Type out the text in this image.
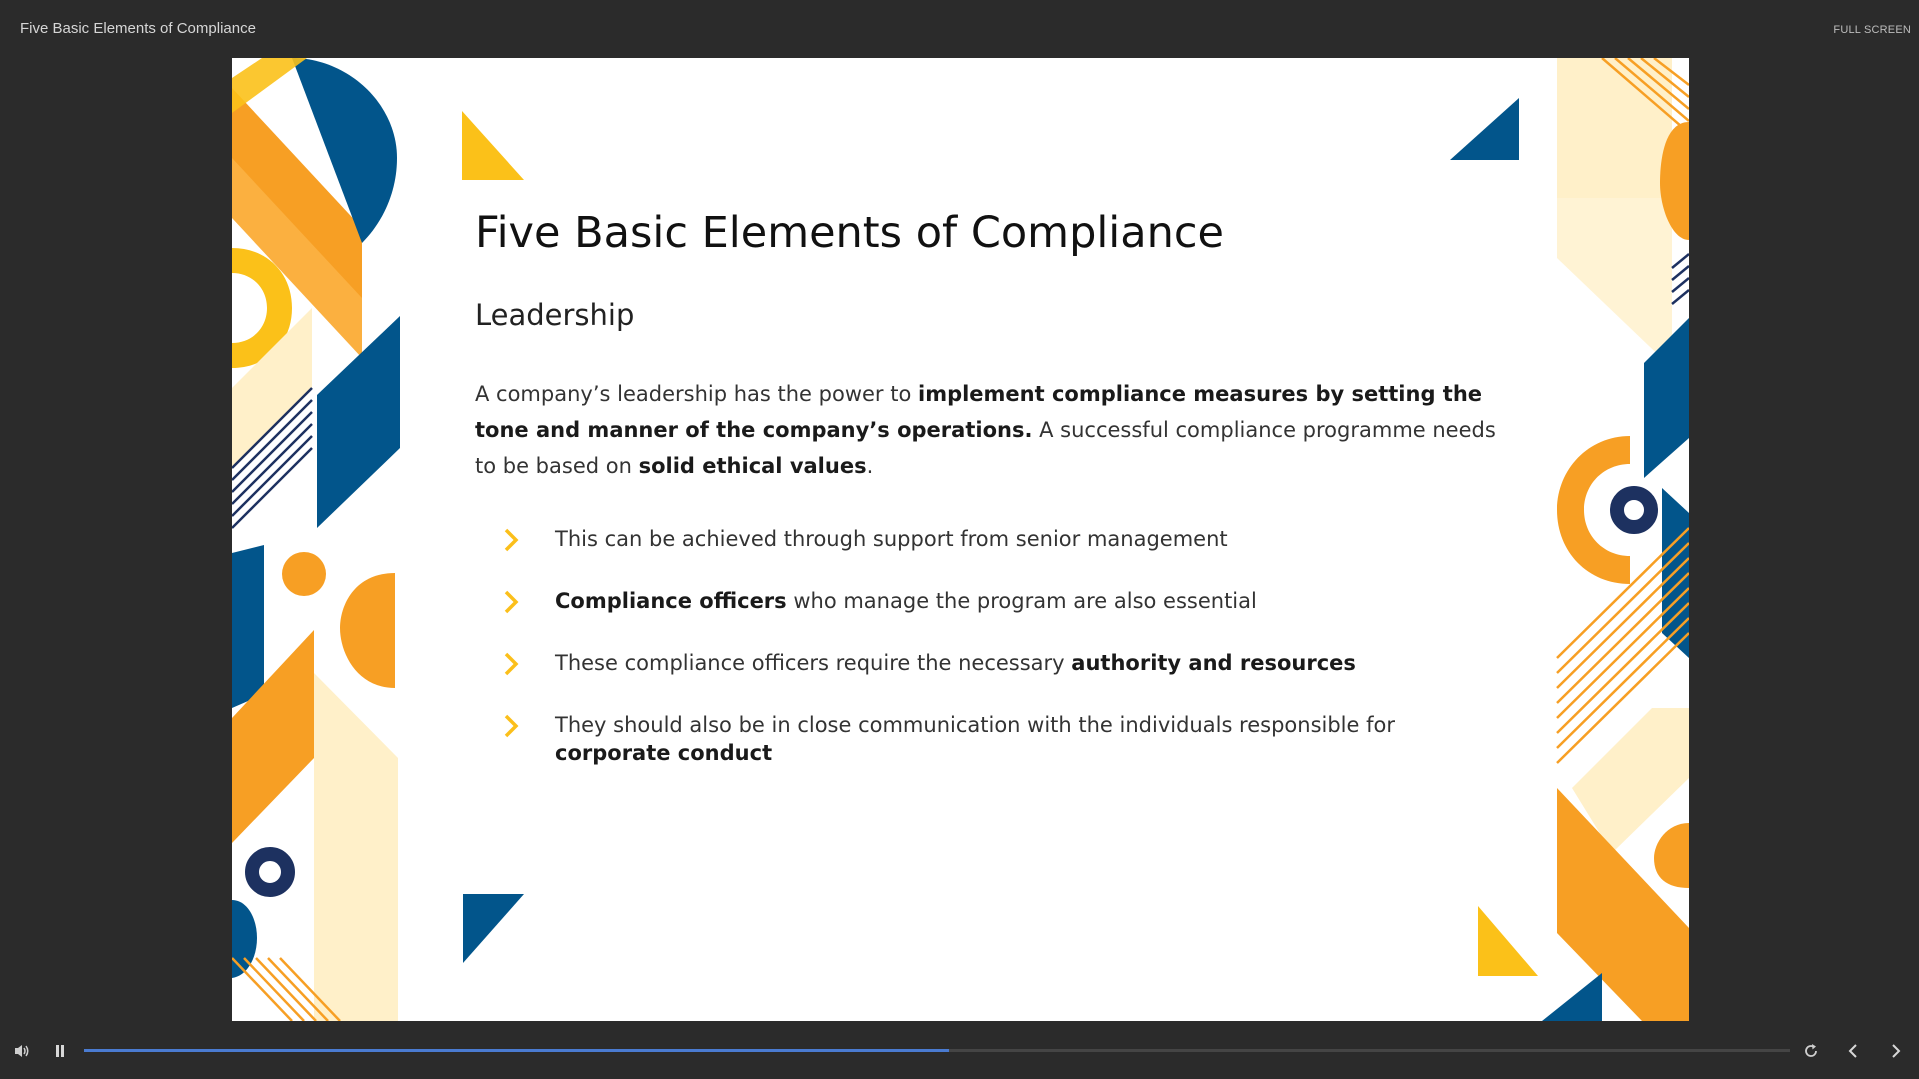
Five Basic Elements of Compliance	FULL SCREEN
Five Basic Elements of Compliance
Leadership

A company’s leadership has the power to implement compliance measures by setting the tone and manner of the company’s operations. A successful compliance programme needs to be based on solid ethical values.

This can be achieved through support from senior management
Compliance officers who manage the program are also essential
These compliance officers require the necessary authority and resources
They should also be in close communication with the individuals responsible for corporate conduct
